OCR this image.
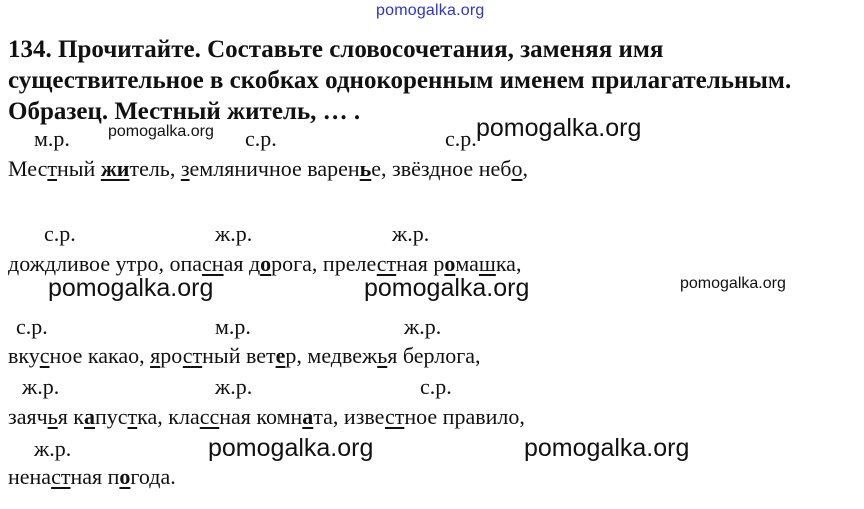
pomogalka.org
134. Прочитайте. Составьте словосочетания, заменяя имя
существительное в скобках однокоренным именем прилагательным.
Образец. Местный житель, … .
м.р. pomogalka.org с.р.	с.р. pomogalka.org
Местный житель, земляничное варенье, звёздное небо,
с.р.	ж.р.	ж.р.
дождливое утро, опасная дорога, прелестная ромашка,
pomogalka.org	pomogalka.org	pomogalka.org
с.р.	м.р.	ж.р.
вкусное какао, яростный ветер, медвежья берлога,
ж.р.	ж.р.	с.р.
заячья капустка, классная комната, известное правило,
ж.р.	pomogalka.org	pomogalka.org
ненастная погода.
